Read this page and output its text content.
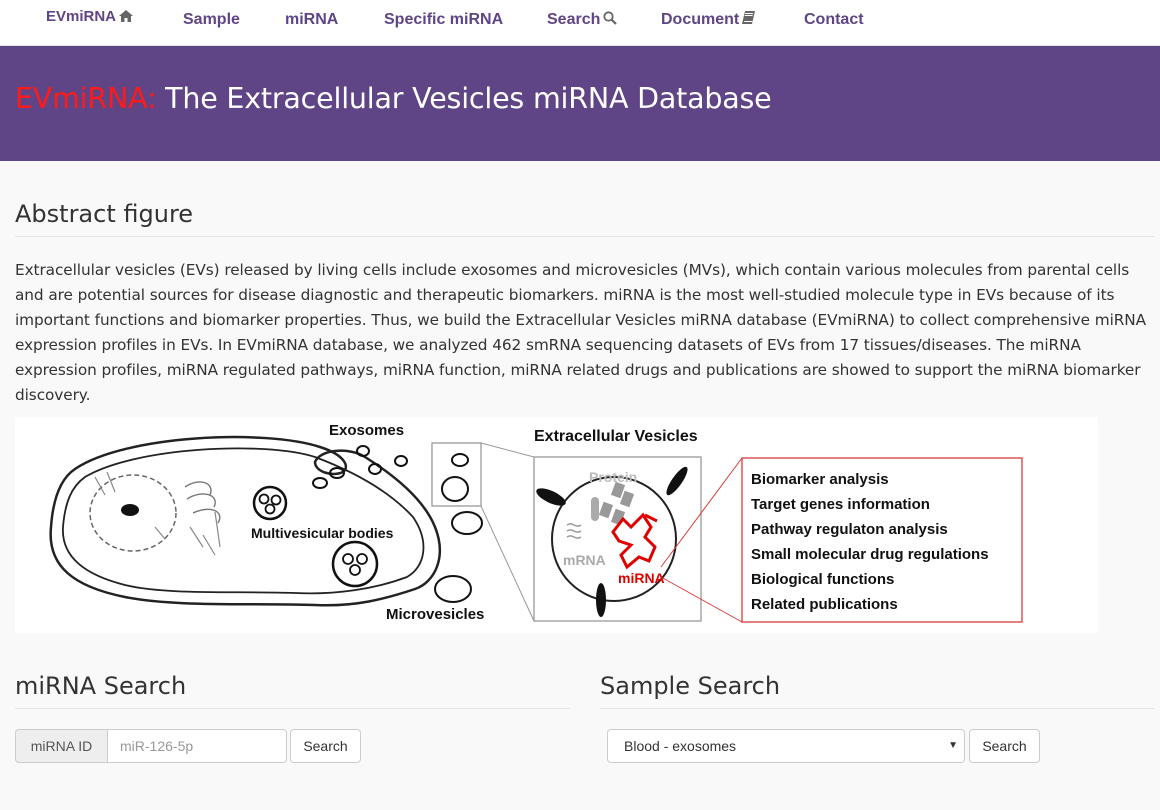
EVmiRNA	Sample	miRNA	Specific miRNA	Search	Document	Contact
EVmiRNA: The Extracellular Vesicles miRNA Database
Abstract figure
Extracellular vesicles (EVs) released by living cells include exosomes and microvesicles (MVs), which contain various molecules from parental cells and are potential sources for disease diagnostic and therapeutic biomarkers. miRNA is the most well-studied molecule type in EVs because of its important functions and biomarker properties. Thus, we build the Extracellular Vesicles miRNA database (EVmiRNA) to collect comprehensive miRNA expression profiles in EVs. In EVmiRNA database, we analyzed 462 smRNA sequencing datasets of EVs from 17 tissues/diseases. The miRNA expression profiles, miRNA regulated pathways, miRNA function, miRNA related drugs and publications are showed to support the miRNA biomarker discovery.
Exosomes
Multivesicular bodies
Microvesicles
Extracellular Vesicles
Protein
mRNA
miRNA
Biomarker analysis
Target genes information
Pathway regulaton analysis
Small molecular drug regulations
Biological functions
Related publications
miRNA Search
miRNA ID
miR-126-5p	Search
Sample Search
Blood - exosomes	▼	Search
